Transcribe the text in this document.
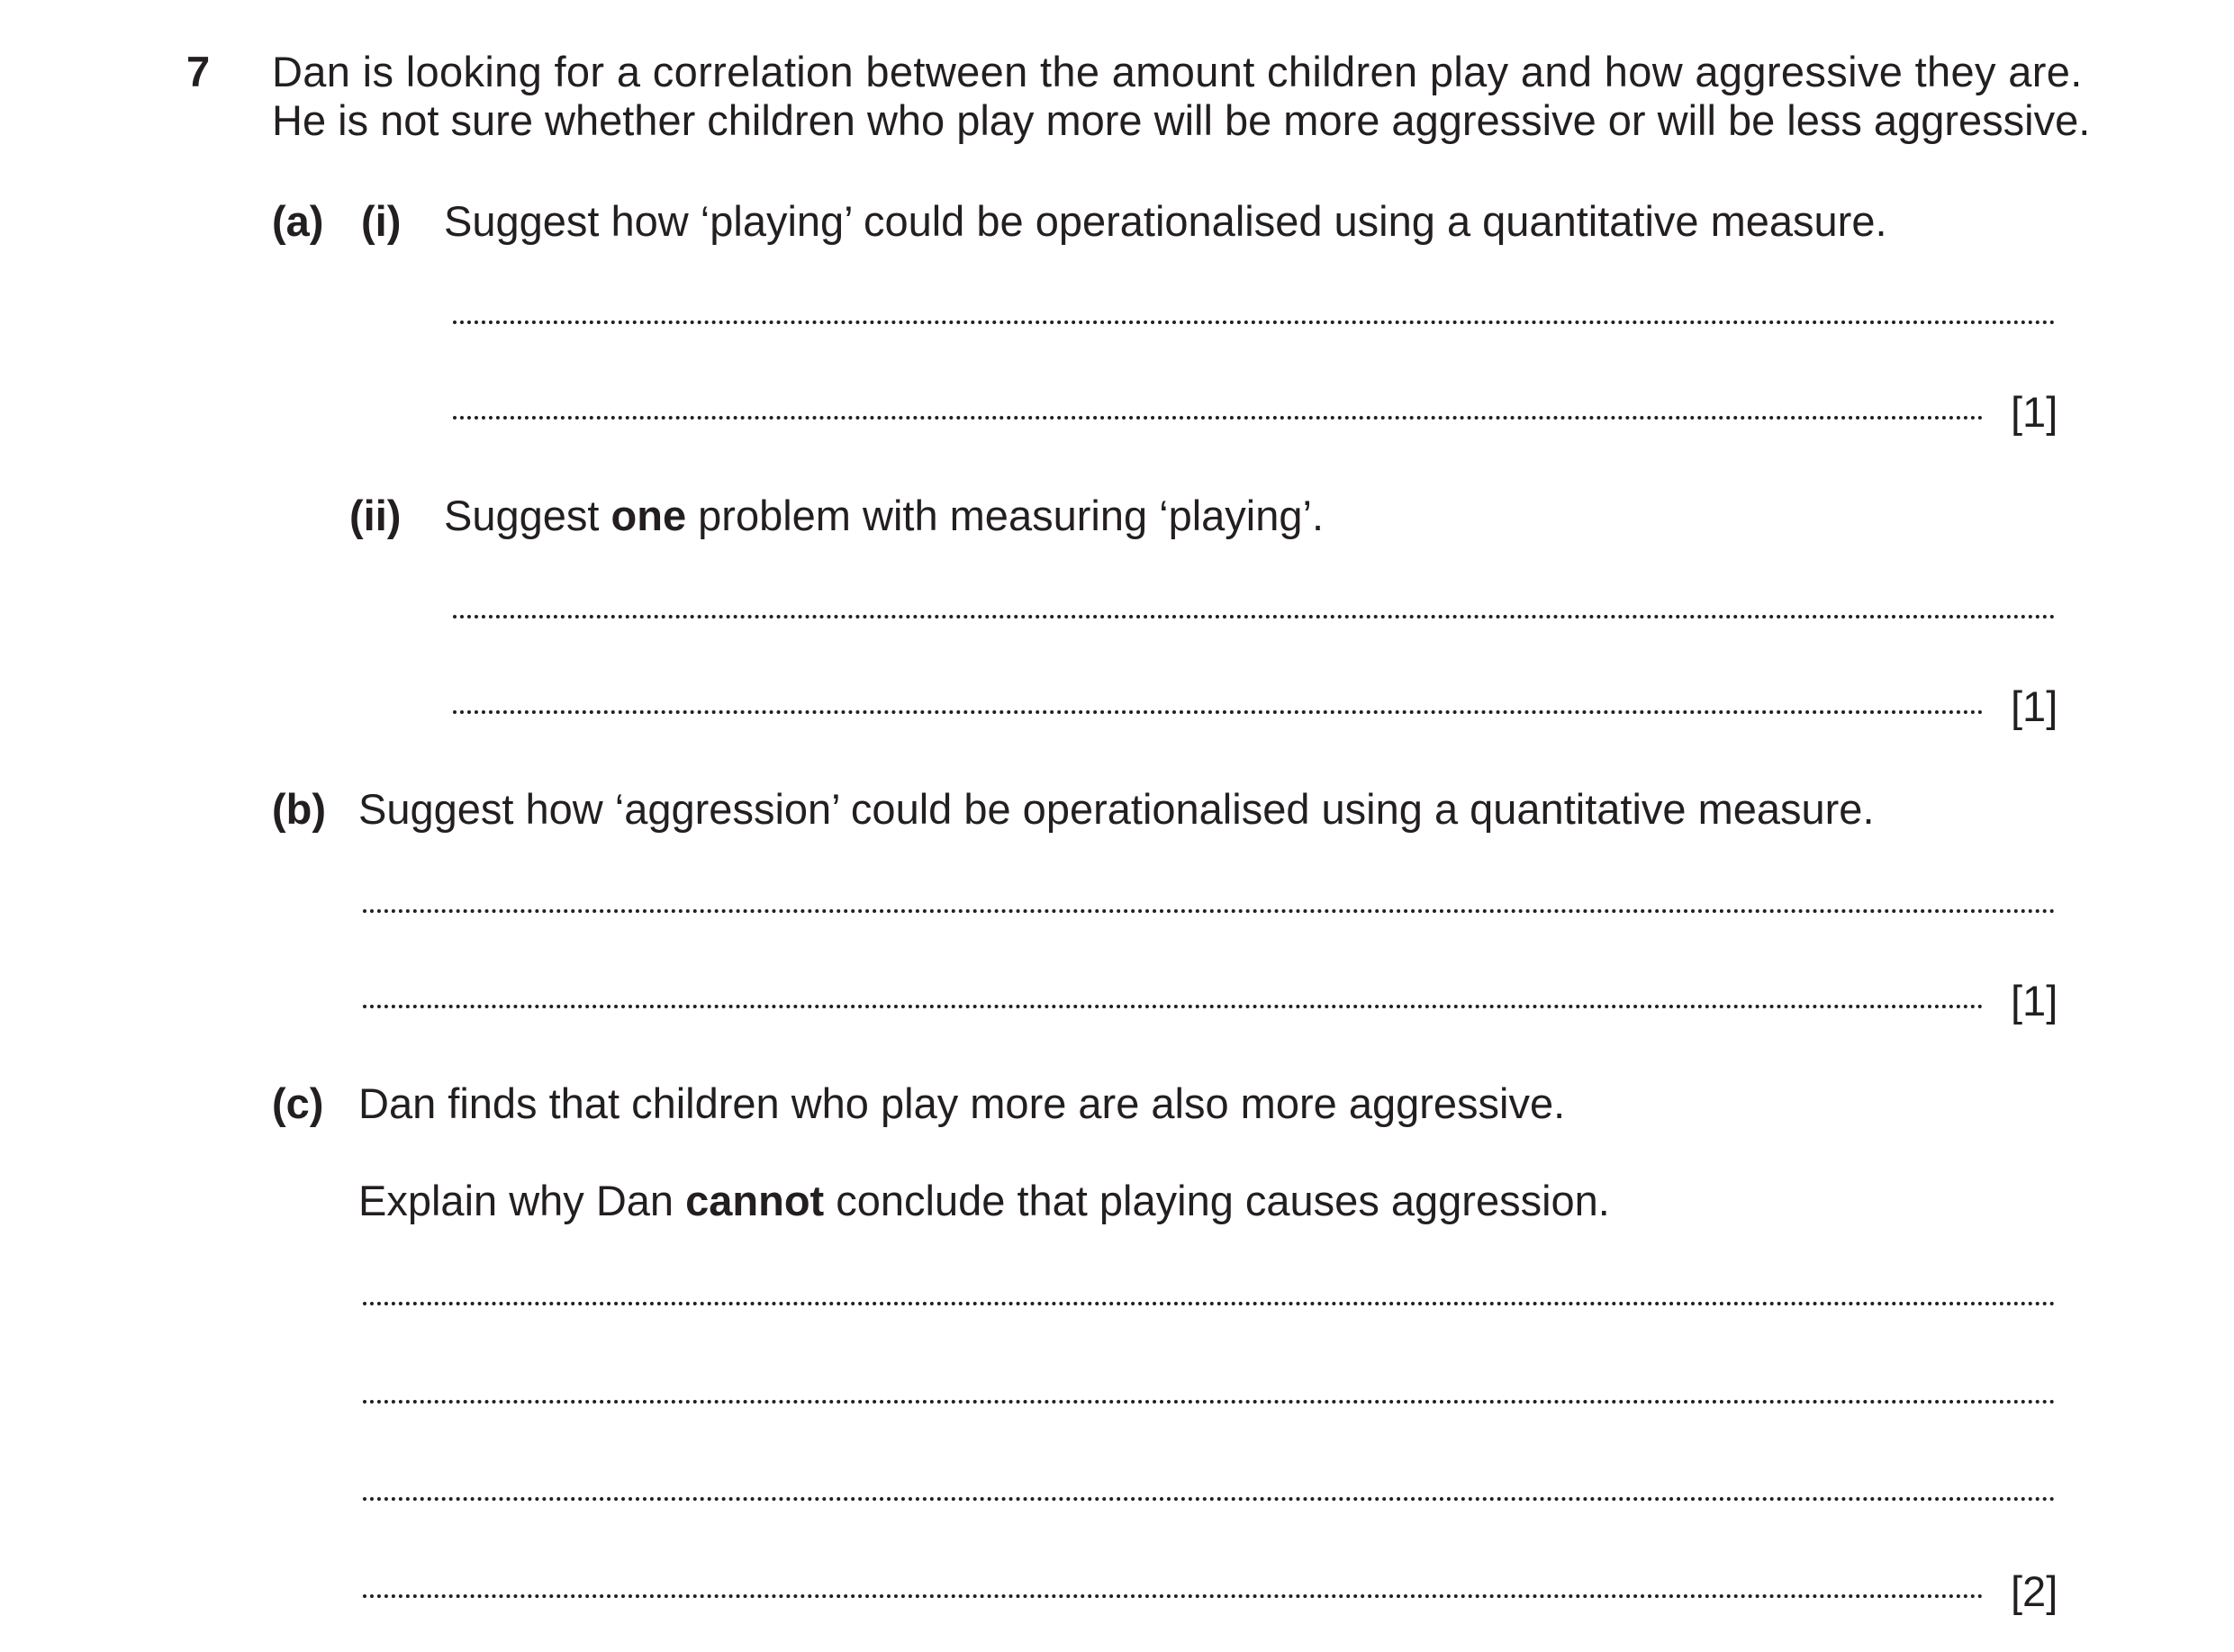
7 Dan is looking for a correlation between the amount children play and how aggressive they are.
He is not sure whether children who play more will be more aggressive or will be less aggressive.
(a) (i) Suggest how ‘playing’ could be operationalised using a quantitative measure.
[1]
(ii) Suggest one problem with measuring ‘playing’.
[1]
(b) Suggest how ‘aggression’ could be operationalised using a quantitative measure.
[1]
(c) Dan finds that children who play more are also more aggressive.
Explain why Dan cannot conclude that playing causes aggression.
[2]
